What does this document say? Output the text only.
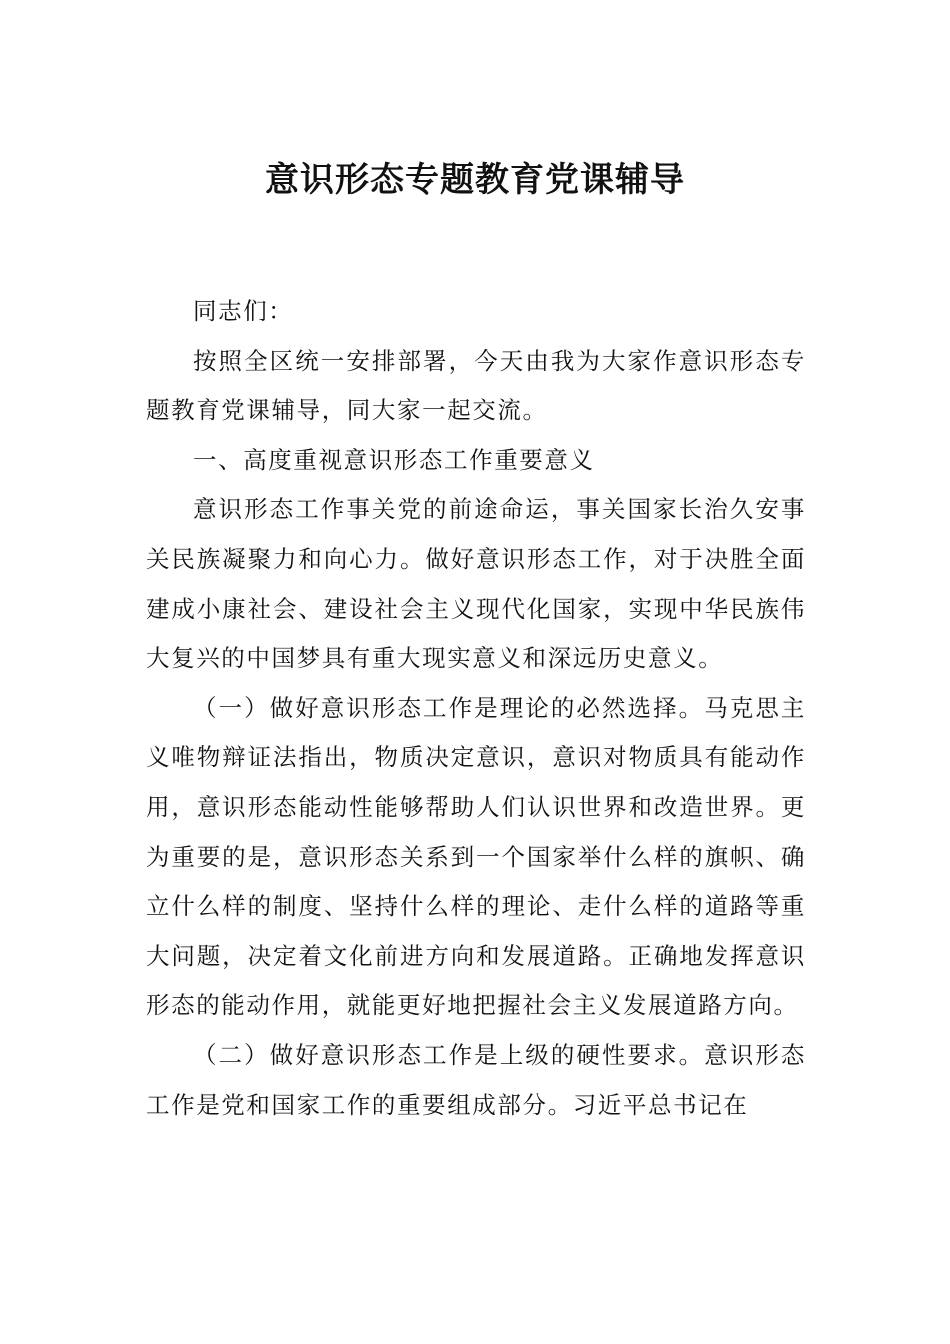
意识形态专题教育党课辅导

同志们：

按照全区统一安排部署，今天由我为大家作意识形态专题教育党课辅导，同大家一起交流。

一、高度重视意识形态工作重要意义

意识形态工作事关党的前途命运，事关国家长治久安事关民族凝聚力和向心力。做好意识形态工作，对于决胜全面建成小康社会、建设社会主义现代化国家，实现中华民族伟大复兴的中国梦具有重大现实意义和深远历史意义。

（一）做好意识形态工作是理论的必然选择。马克思主义唯物辩证法指出，物质决定意识，意识对物质具有能动作用，意识形态能动性能够帮助人们认识世界和改造世界。更为重要的是，意识形态关系到一个国家举什么样的旗帜、确立什么样的制度、坚持什么样的理论、走什么样的道路等重大问题，决定着文化前进方向和发展道路。正确地发挥意识形态的能动作用，就能更好地把握社会主义发展道路方向。

（二）做好意识形态工作是上级的硬性要求。意识形态工作是党和国家工作的重要组成部分。习近平总书记在
